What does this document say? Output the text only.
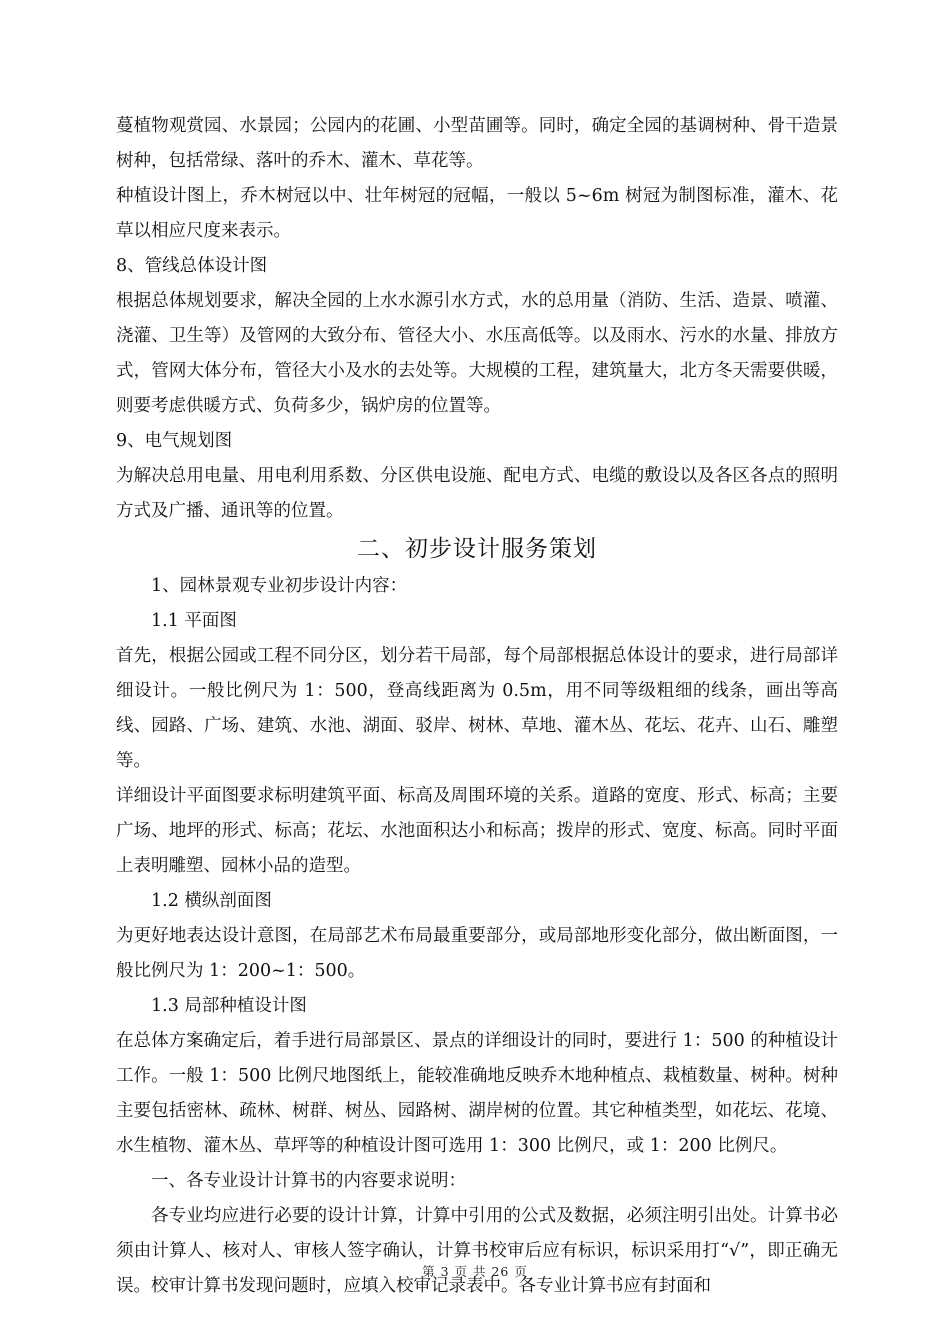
蔓植物观赏园、水景园；公园内的花圃、小型苗圃等。同时，确定全园的基调树种、骨干造景树种，包括常绿、落叶的乔木、灌木、草花等。

种植设计图上，乔木树冠以中、壮年树冠的冠幅，一般以 5~6m 树冠为制图标准，灌木、花草以相应尺度来表示。

8、管线总体设计图

根据总体规划要求，解决全园的上水水源引水方式，水的总用量（消防、生活、造景、喷灌、浇灌、卫生等）及管网的大致分布、管径大小、水压高低等。以及雨水、污水的水量、排放方式，管网大体分布，管径大小及水的去处等。大规模的工程，建筑量大，北方冬天需要供暖，则要考虑供暖方式、负荷多少，锅炉房的位置等。

9、电气规划图

为解决总用电量、用电利用系数、分区供电设施、配电方式、电缆的敷设以及各区各点的照明方式及广播、通讯等的位置。

二、初步设计服务策划

1、园林景观专业初步设计内容：

1.1 平面图

首先，根据公园或工程不同分区，划分若干局部，每个局部根据总体设计的要求，进行局部详细设计。一般比例尺为 1：500，登高线距离为 0.5m，用不同等级粗细的线条，画出等高线、园路、广场、建筑、水池、湖面、驳岸、树林、草地、灌木丛、花坛、花卉、山石、雕塑等。

详细设计平面图要求标明建筑平面、标高及周围环境的关系。道路的宽度、形式、标高；主要广场、地坪的形式、标高；花坛、水池面积达小和标高；拨岸的形式、宽度、标高。同时平面上表明雕塑、园林小品的造型。

1.2 横纵剖面图

为更好地表达设计意图，在局部艺术布局最重要部分，或局部地形变化部分，做出断面图，一般比例尺为 1：200~1：500。

1.3 局部种植设计图

在总体方案确定后，着手进行局部景区、景点的详细设计的同时，要进行 1：500 的种植设计工作。一般 1：500 比例尺地图纸上，能较准确地反映乔木地种植点、栽植数量、树种。树种主要包括密林、疏林、树群、树丛、园路树、湖岸树的位置。其它种植类型，如花坛、花境、水生植物、灌木丛、草坪等的种植设计图可选用 1：300 比例尺，或 1：200 比例尺。

一、各专业设计计算书的内容要求说明：

各专业均应进行必要的设计计算，计算中引用的公式及数据，必须注明引出处。计算书必须由计算人、核对人、审核人签字确认，计算书校审后应有标识，标识采用打“√”，即正确无误。校审计算书发现问题时，应填入校审记录表中。各专业计算书应有封面和

第 3 页 共 26 页
